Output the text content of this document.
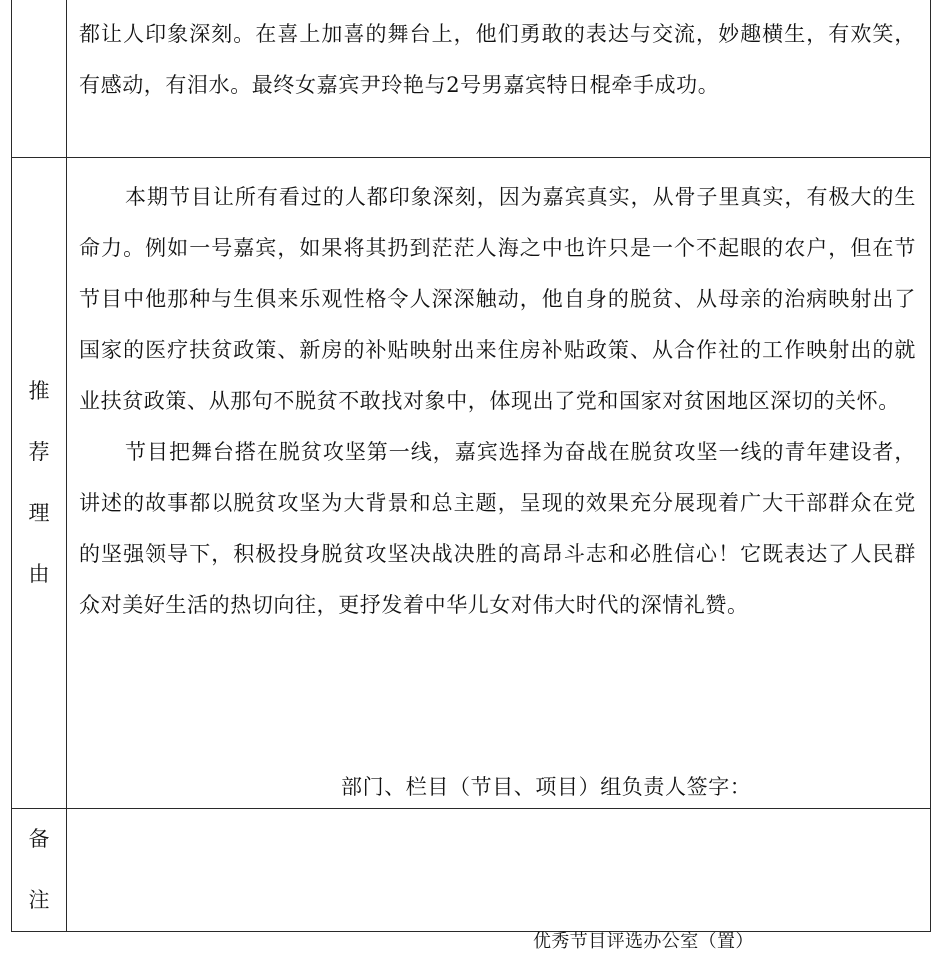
	都让人印象深刻。在喜上加喜的舞台上，他们勇敢的表达与交流，妙趣横生，有欢笑，有感动，有泪水。最终女嘉宾尹玲艳与2号男嘉宾特日棍牵手成功。

推荐理由	本期节目让所有看过的人都印象深刻，因为嘉宾真实，从骨子里真实，有极大的生命力。例如一号嘉宾，如果将其扔到茫茫人海之中也许只是一个不起眼的农户，但在节节目中他那种与生俱来乐观性格令人深深触动，他自身的脱贫、从母亲的治病映射出了国家的医疗扶贫政策、新房的补贴映射出来住房补贴政策、从合作社的工作映射出的就业扶贫政策、从那句不脱贫不敢找对象中，体现出了党和国家对贫困地区深切的关怀。

节目把舞台搭在脱贫攻坚第一线，嘉宾选择为奋战在脱贫攻坚一线的青年建设者，讲述的故事都以脱贫攻坚为大背景和总主题，呈现的效果充分展现着广大干部群众在党的坚强领导下，积极投身脱贫攻坚决战决胜的高昂斗志和必胜信心！它既表达了人民群众对美好生活的热切向往，更抒发着中华儿女对伟大时代的深情礼赞。

备注	

部门、栏目（节目、项目）组负责人签字：
优秀节目评选办公室（置）
